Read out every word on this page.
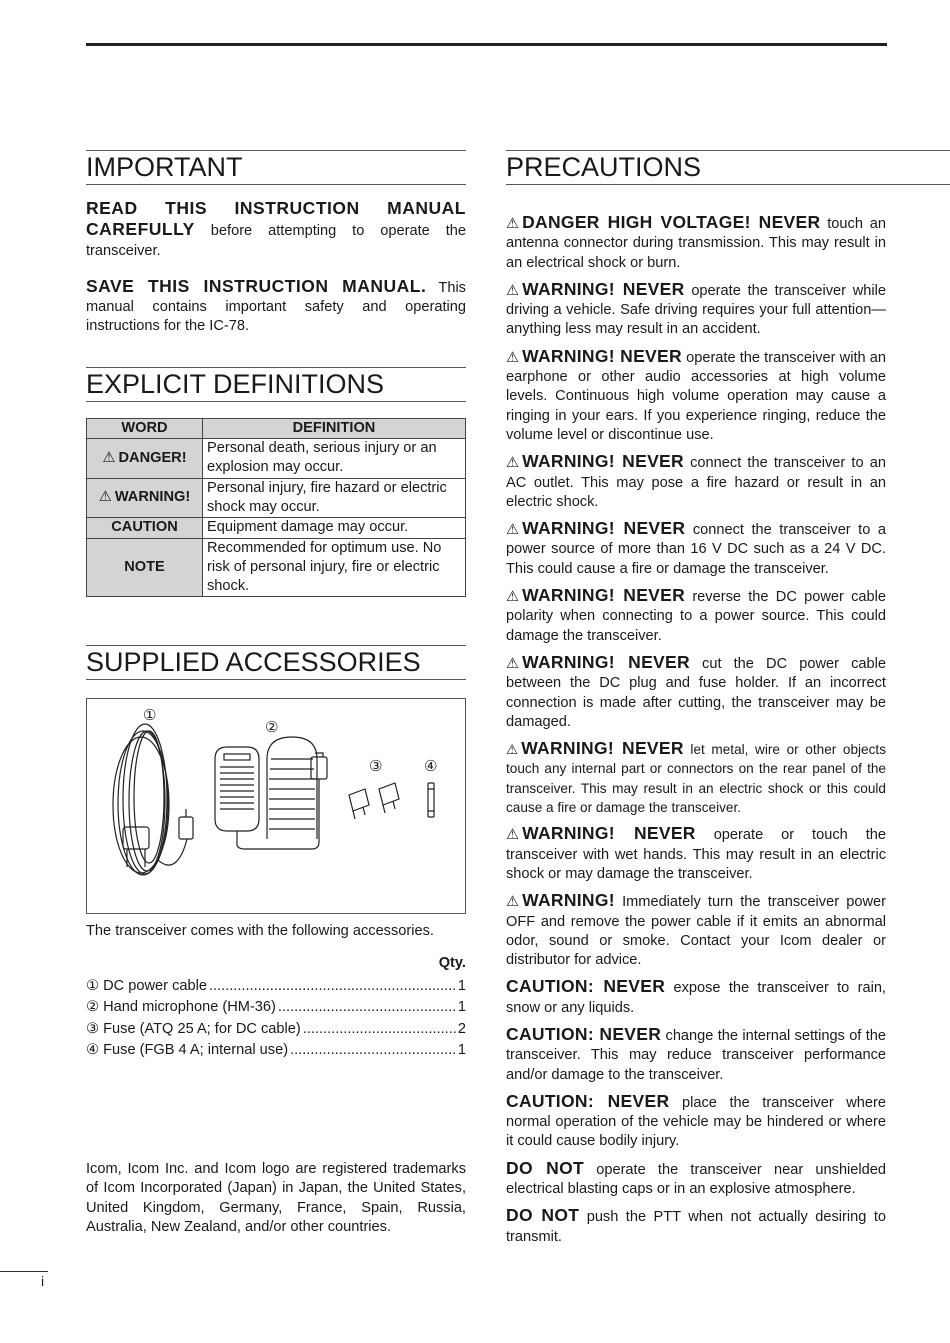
IMPORTANT

READ THIS INSTRUCTION MANUAL CAREFULLY before attempting to operate the transceiver.

SAVE THIS INSTRUCTION MANUAL. This manual contains important safety and operating instructions for the IC-78.

EXPLICIT DEFINITIONS
WORD	DEFINITION
⚠ DANGER!	Personal death, serious injury or an explosion may occur.
⚠ WARNING!	Personal injury, fire hazard or electric shock may occur.
CAUTION	Equipment damage may occur.
NOTE	Recommended for optimum use. No risk of personal injury, fire or electric shock.
SUPPLIED ACCESSORIES
①
②
③	④

The transceiver comes with the following accessories.

Qty.
① DC power cable .....	1
② Hand microphone (HM-36) .....	1
③ Fuse (ATQ 25 A; for DC cable) .....	2
④ Fuse (FGB 4 A; internal use) .....	1

Icom, Icom Inc. and Icom logo are registered trademarks of Icom Incorporated (Japan) in Japan, the United States, United Kingdom, Germany, France, Spain, Russia, Australia, New Zealand, and/or other countries.

PRECAUTIONS

⚠ DANGER HIGH VOLTAGE! NEVER touch an antenna connector during transmission. This may result in an electrical shock or burn.

⚠ WARNING! NEVER operate the transceiver while driving a vehicle. Safe driving requires your full attention—anything less may result in an accident.

⚠ WARNING! NEVER operate the transceiver with an earphone or other audio accessories at high volume levels. Continuous high volume operation may cause a ringing in your ears. If you experience ringing, reduce the volume level or discontinue use.

⚠ WARNING! NEVER connect the transceiver to an AC outlet. This may pose a fire hazard or result in an electric shock.

⚠ WARNING! NEVER connect the transceiver to a power source of more than 16 V DC such as a 24 V DC. This could cause a fire or damage the transceiver.

⚠ WARNING! NEVER reverse the DC power cable polarity when connecting to a power source. This could damage the transceiver.

⚠ WARNING! NEVER cut the DC power cable between the DC plug and fuse holder. If an incorrect connection is made after cutting, the transceiver may be damaged.

⚠ WARNING! NEVER let metal, wire or other objects touch any internal part or connectors on the rear panel of the transceiver. This may result in an electric shock or this could cause a fire or damage the transceiver.

⚠ WARNING! NEVER operate or touch the transceiver with wet hands. This may result in an electric shock or may damage the transceiver.

⚠ WARNING! Immediately turn the transceiver power OFF and remove the power cable if it emits an abnormal odor, sound or smoke. Contact your Icom dealer or distributor for advice.

CAUTION: NEVER expose the transceiver to rain, snow or any liquids.

CAUTION: NEVER change the internal settings of the transceiver. This may reduce transceiver performance and/or damage to the transceiver.

CAUTION: NEVER place the transceiver where normal operation of the vehicle may be hindered or where it could cause bodily injury.

DO NOT operate the transceiver near unshielded electrical blasting caps or in an explosive atmosphere.

DO NOT push the PTT when not actually desiring to transmit.

i
